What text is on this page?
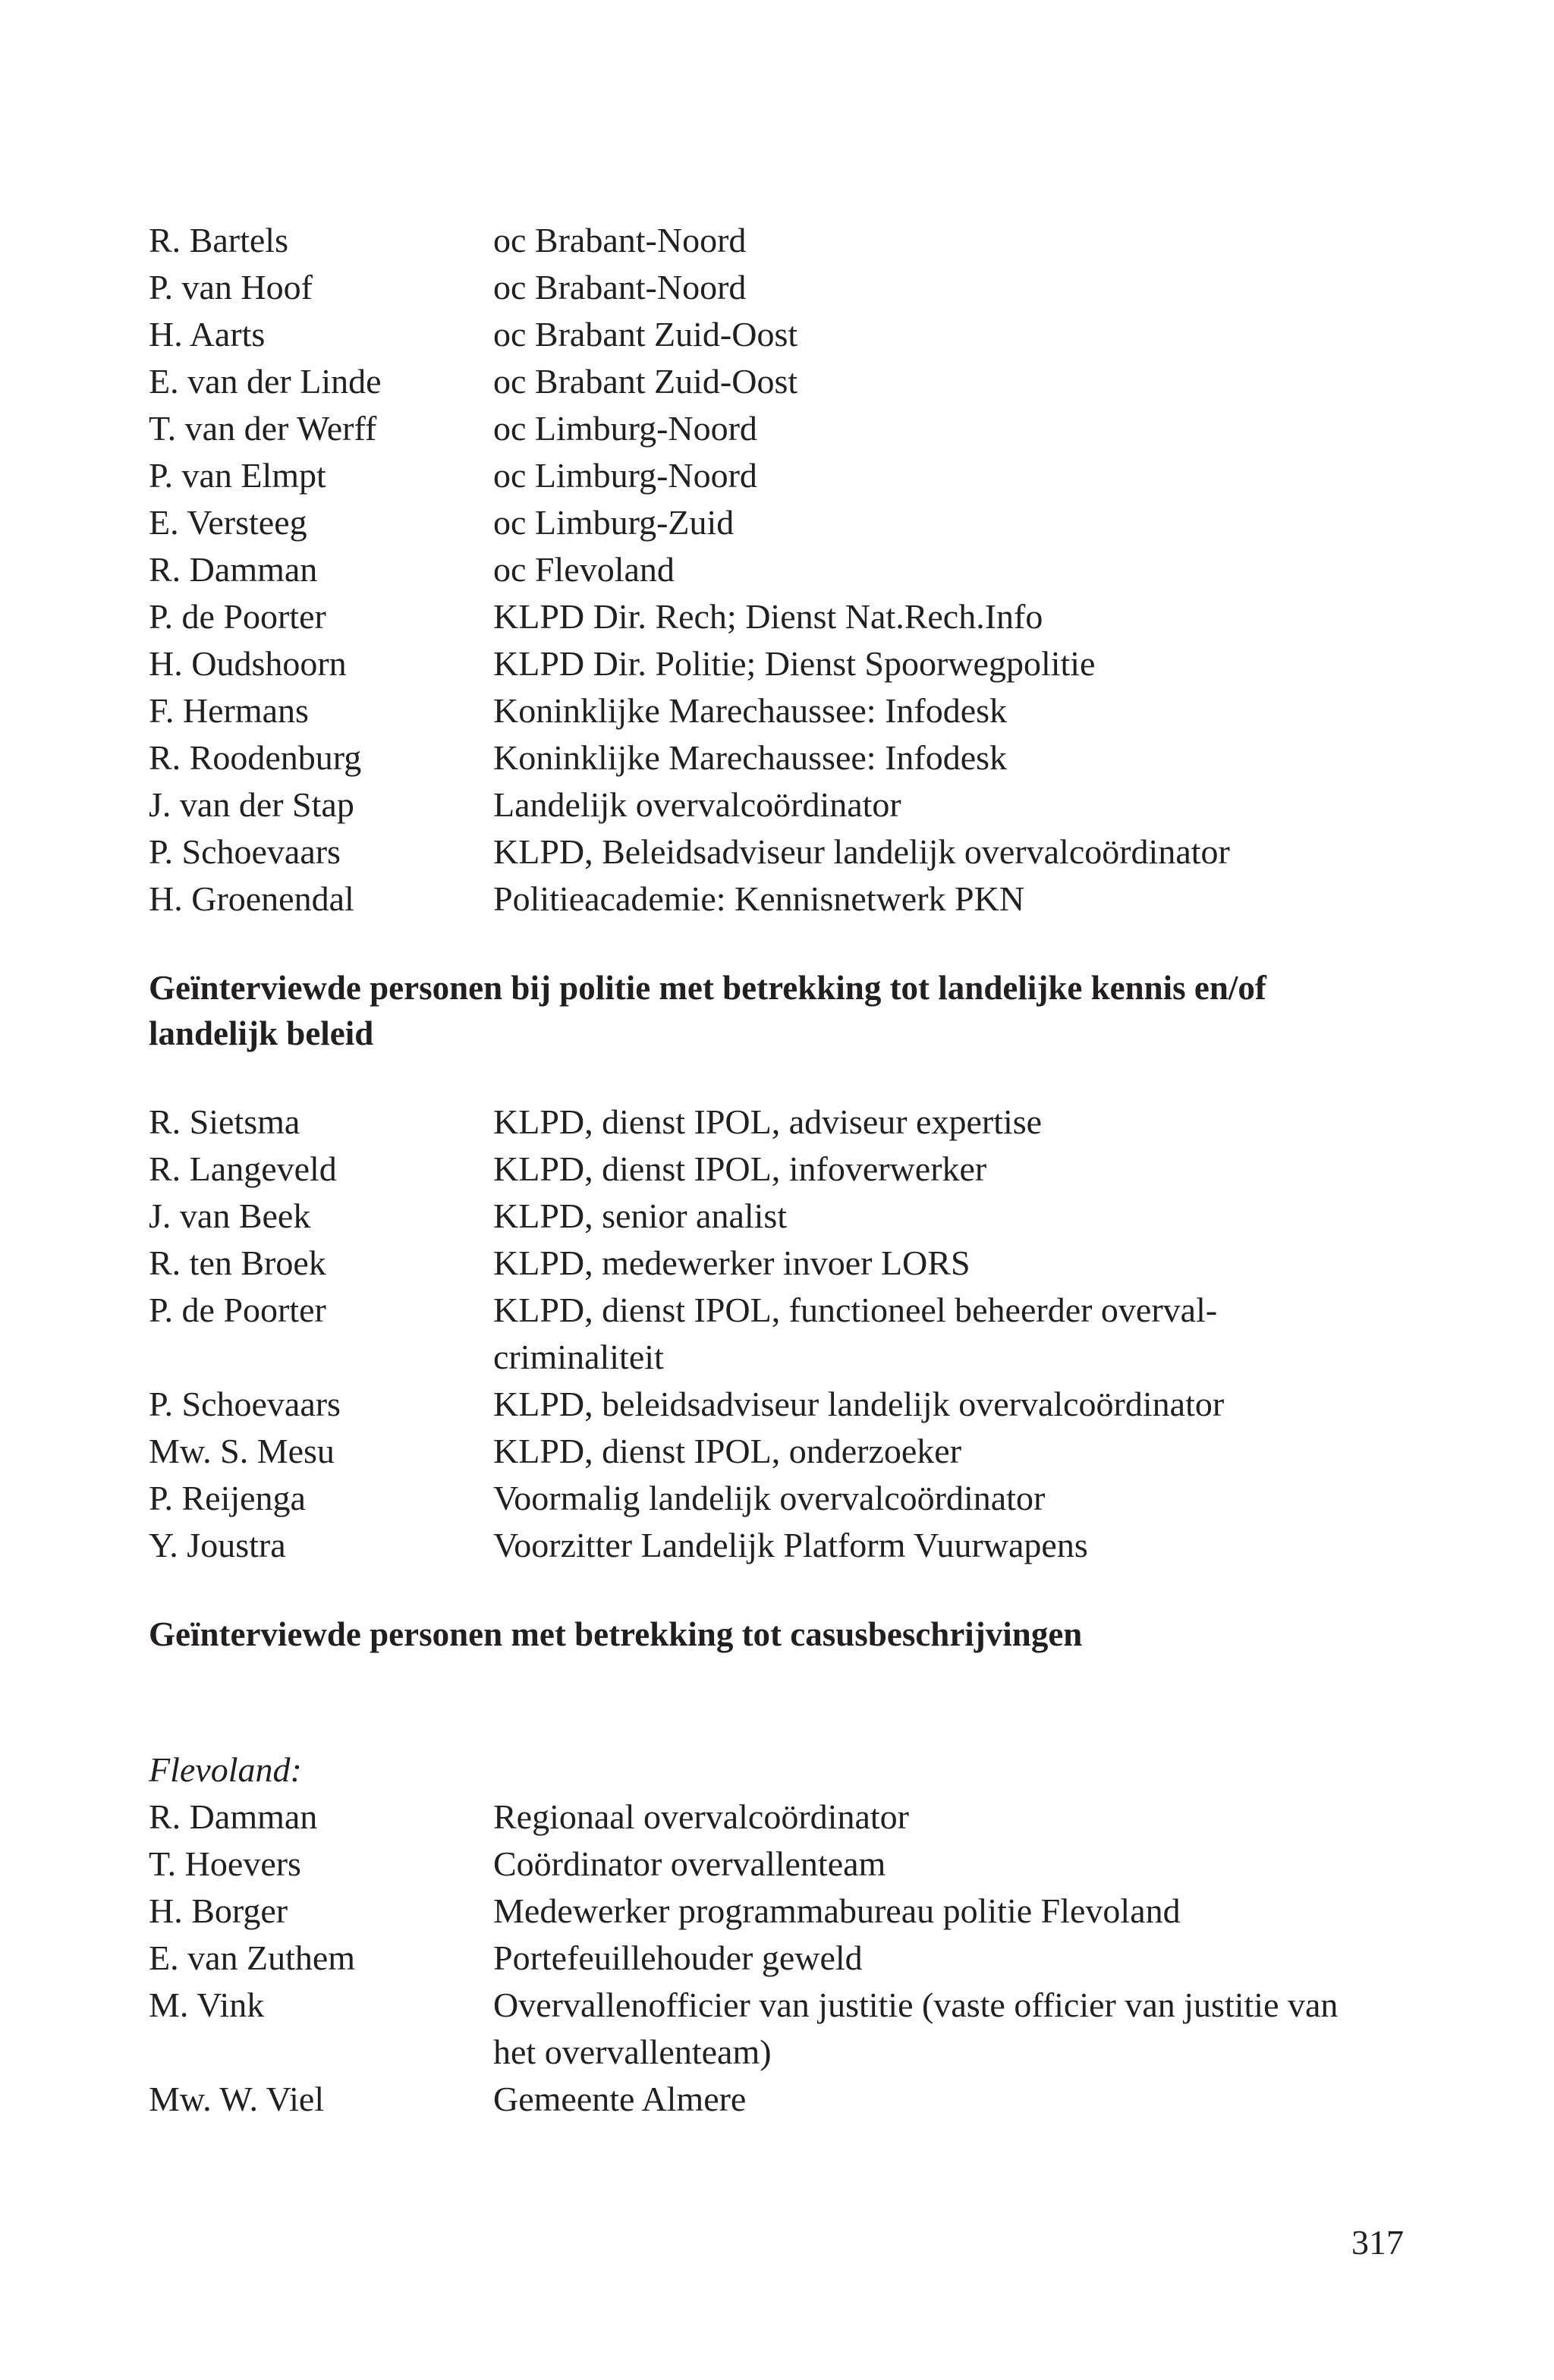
R. Bartels	oc Brabant-Noord
P. van Hoof	oc Brabant-Noord
H. Aarts	oc Brabant Zuid-Oost
E. van der Linde	oc Brabant Zuid-Oost
T. van der Werff	oc Limburg-Noord
P. van Elmpt	oc Limburg-Noord
E. Versteeg	oc Limburg-Zuid
R. Damman	oc Flevoland
P. de Poorter	KLPD Dir. Rech; Dienst Nat.Rech.Info
H. Oudshoorn	KLPD Dir. Politie; Dienst Spoorwegpolitie
F. Hermans	Koninklijke Marechaussee: Infodesk
R. Roodenburg	Koninklijke Marechaussee: Infodesk
J. van der Stap	Landelijk overvalcoördinator
P. Schoevaars	KLPD, Beleidsadviseur landelijk overvalcoördinator
H. Groenendal	Politieacademie: Kennisnetwerk PKN
Geïnterviewde personen bij politie met betrekking tot landelijke kennis en/of
landelijk beleid
R. Sietsma	KLPD, dienst IPOL, adviseur expertise
R. Langeveld	KLPD, dienst IPOL, infoverwerker
J. van Beek	KLPD, senior analist
R. ten Broek	KLPD, medewerker invoer LORS
P. de Poorter	KLPD, dienst IPOL, functioneel beheerder overval-
criminaliteit
P. Schoevaars	KLPD, beleidsadviseur landelijk overvalcoördinator
Mw. S. Mesu	KLPD, dienst IPOL, onderzoeker
P. Reijenga	Voormalig landelijk overvalcoördinator
Y. Joustra	Voorzitter Landelijk Platform Vuurwapens
Geïnterviewde personen met betrekking tot casusbeschrijvingen
Flevoland:
R. Damman	Regionaal overvalcoördinator
T. Hoevers	Coördinator overvallenteam
H. Borger	Medewerker programmabureau politie Flevoland
E. van Zuthem	Portefeuillehouder geweld
M. Vink	Overvallenofficier van justitie (vaste officier van justitie van
het overvallenteam)
Mw. W. Viel	Gemeente Almere
317
